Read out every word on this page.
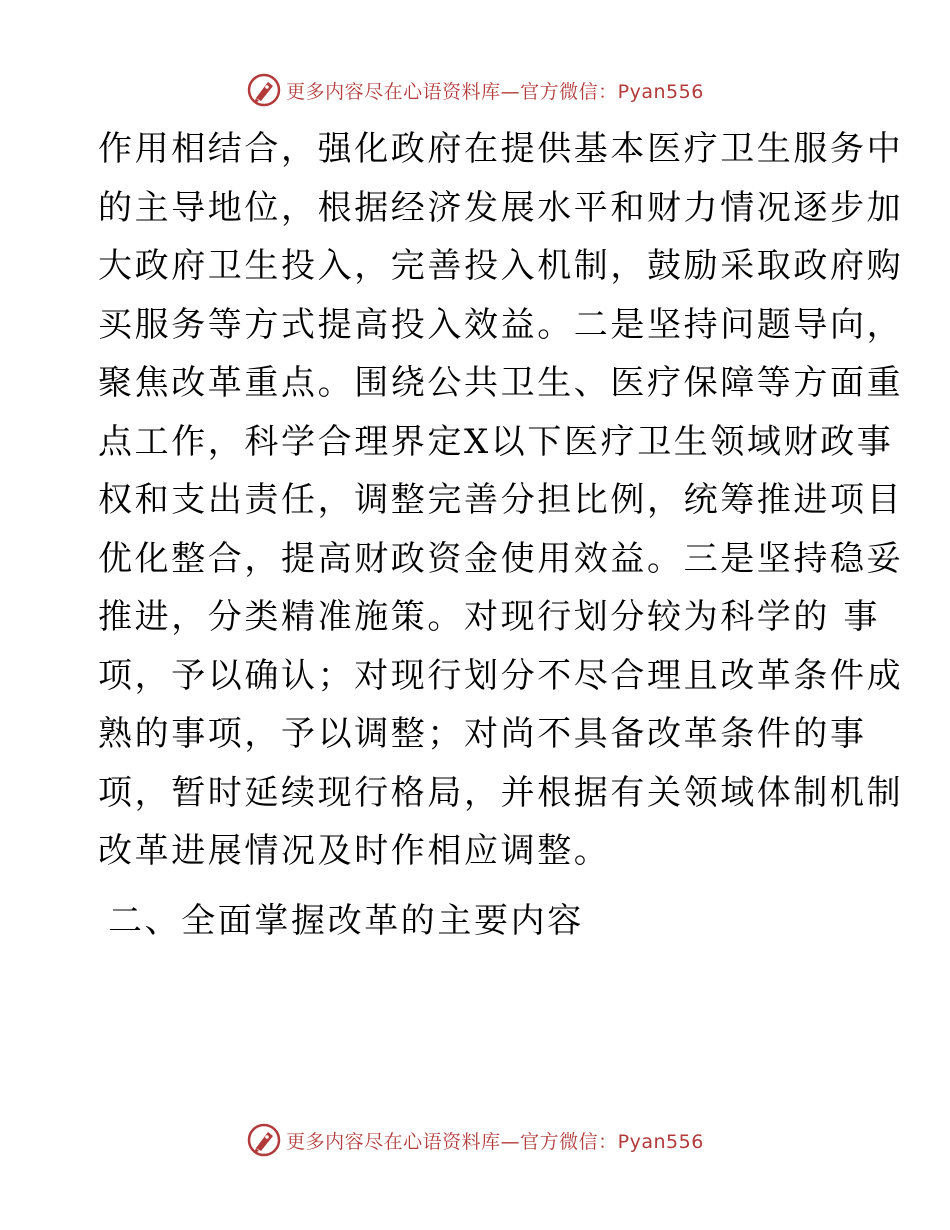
更多内容尽在心语资料库—官方微信：Pyan556
作用相结合，强化政府在提供基本医疗卫生服务中
的主导地位，根据经济发展水平和财力情况逐步加
大政府卫生投入，完善投入机制，鼓励采取政府购
买服务等方式提高投入效益。二是坚持问题导向，
聚焦改革重点。围绕公共卫生、医疗保障等方面重
点工作，科学合理界定X以下医疗卫生领域财政事
权和支出责任，调整完善分担比例，统筹推进项目
优化整合，提高财政资金使用效益。三是坚持稳妥
推进，分类精准施策。对现行划分较为科学的 事
项，予以确认；对现行划分不尽合理且改革条件成
熟的事项，予以调整；对尚不具备改革条件的事
项，暂时延续现行格局，并根据有关领域体制机制
改革进展情况及时作相应调整。
二、全面掌握改革的主要内容
更多内容尽在心语资料库—官方微信：Pyan556
